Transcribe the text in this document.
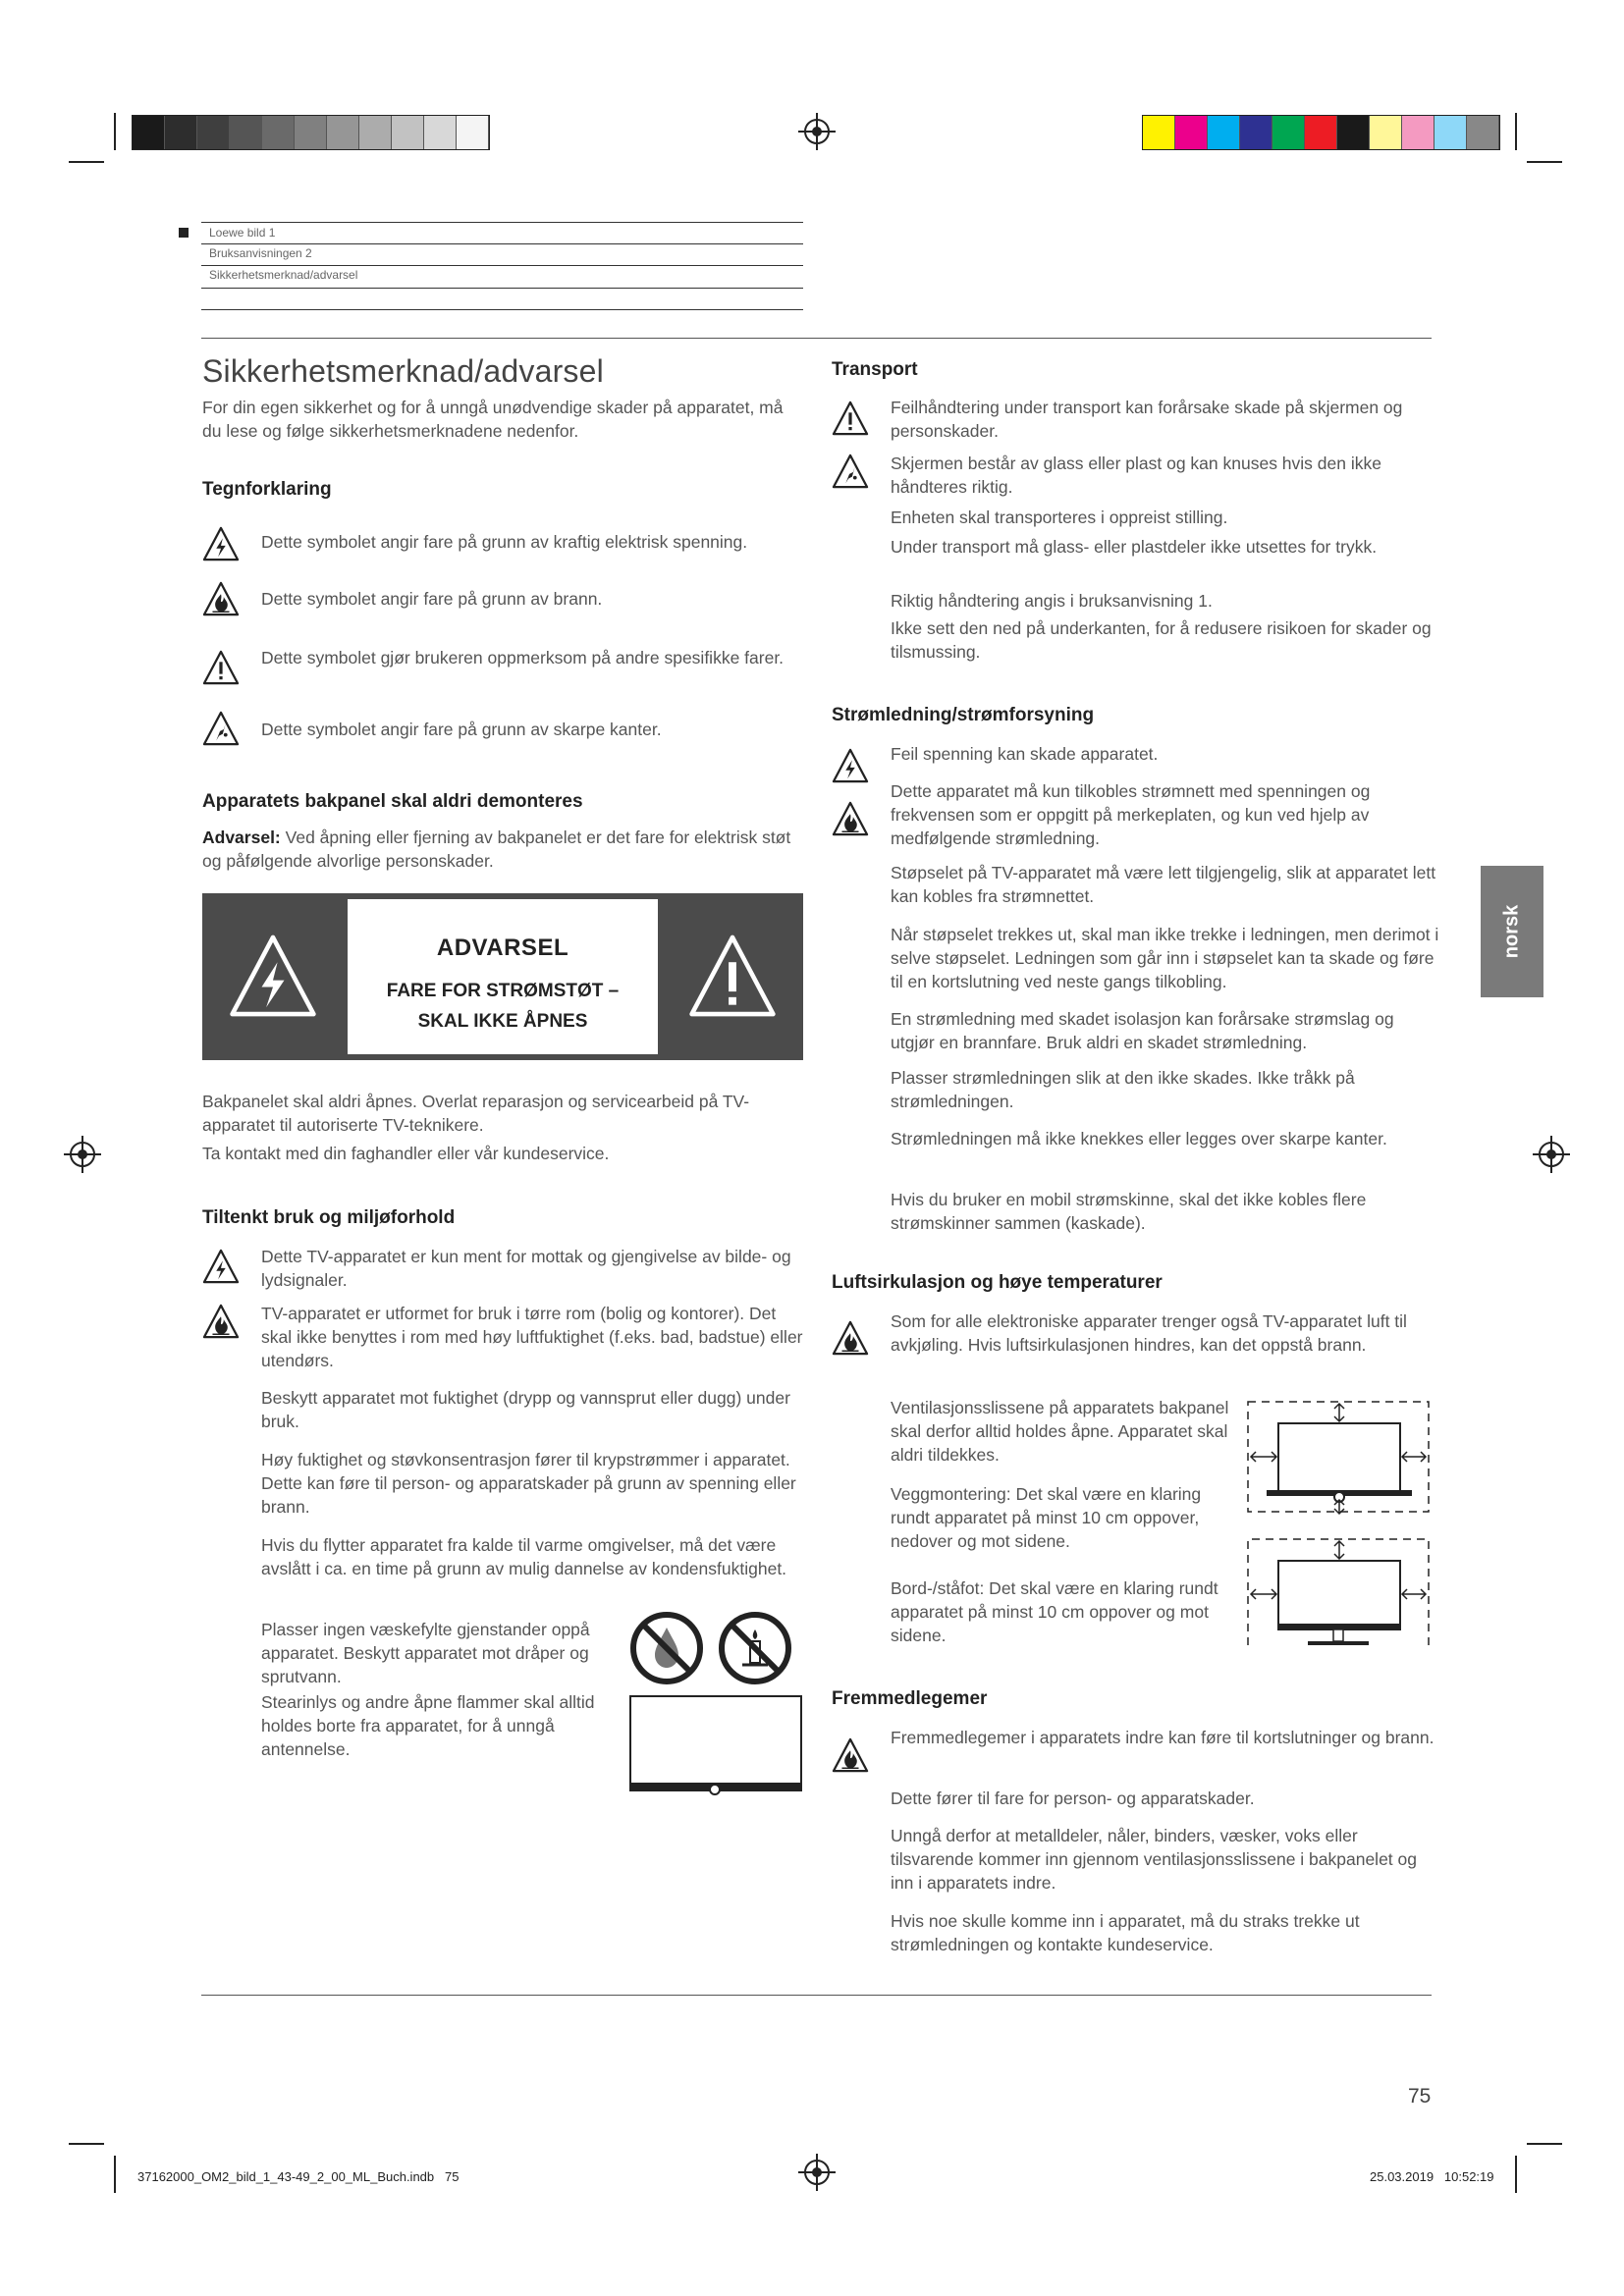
Loewe bild 1
Bruksanvisningen 2
Sikkerhetsmerknad/advarsel
Sikkerhetsmerknad/advarsel

For din egen sikkerhet og for å unngå unødvendige skader på apparatet, må du lese og følge sikkerhetsmerknadene nedenfor.

Tegnforklaring
Dette symbolet angir fare på grunn av kraftig elektrisk spenning.
Dette symbolet angir fare på grunn av brann.
Dette symbolet gjør brukeren oppmerksom på andre spesifikke farer.
Dette symbolet angir fare på grunn av skarpe kanter.
Apparatets bakpanel skal aldri demonteres
Advarsel: Ved åpning eller fjerning av bakpanelet er det fare for elektrisk støt og påfølgende alvorlige personskader.
ADVARSEL
FARE FOR STRØMSTØT –
SKAL IKKE ÅPNES
Bakpanelet skal aldri åpnes. Overlat reparasjon og servicearbeid på TV-apparatet til autoriserte TV-teknikere.
Ta kontakt med din faghandler eller vår kundeservice.
Tiltenkt bruk og miljøforhold
Dette TV-apparatet er kun ment for mottak og gjengivelse av bilde- og lydsignaler.
TV-apparatet er utformet for bruk i tørre rom (bolig og kontorer). Det skal ikke benyttes i rom med høy luftfuktighet (f.eks. bad, badstue) eller utendørs.
Beskytt apparatet mot fuktighet (drypp og vannsprut eller dugg) under bruk.
Høy fuktighet og støvkonsentrasjon fører til krypstrømmer i apparatet. Dette kan føre til person- og apparatskader på grunn av spenning eller brann.
Hvis du flytter apparatet fra kalde til varme omgivelser, må det være avslått i ca. en time på grunn av mulig dannelse av kondensfuktighet.
Plasser ingen væskefylte gjenstander oppå apparatet. Beskytt apparatet mot dråper og sprutvann.
Stearinlys og andre åpne flammer skal alltid holdes borte fra apparatet, for å unngå antennelse.
Transport
Feilhåndtering under transport kan forårsake skade på skjermen og personskader.
Skjermen består av glass eller plast og kan knuses hvis den ikke håndteres riktig.
Enheten skal transporteres i oppreist stilling.
Under transport må glass- eller plastdeler ikke utsettes for trykk.
Riktig håndtering angis i bruksanvisning 1.
Ikke sett den ned på underkanten, for å redusere risikoen for skader og tilsmussing.
Strømledning/strømforsyning
Feil spenning kan skade apparatet.
Dette apparatet må kun tilkobles strømnett med spenningen og frekvensen som er oppgitt på merkeplaten, og kun ved hjelp av medfølgende strømledning.
Støpselet på TV-apparatet må være lett tilgjengelig, slik at apparatet lett kan kobles fra strømnettet.
Når støpselet trekkes ut, skal man ikke trekke i ledningen, men derimot i selve støpselet. Ledningen som går inn i støpselet kan ta skade og føre til en kortslutning ved neste gangs tilkobling.
En strømledning med skadet isolasjon kan forårsake strømslag og utgjør en brannfare. Bruk aldri en skadet strømledning.
Plasser strømledningen slik at den ikke skades. Ikke tråkk på strømledningen.
Strømledningen må ikke knekkes eller legges over skarpe kanter.
Hvis du bruker en mobil strømskinne, skal det ikke kobles flere strømskinner sammen (kaskade).
Luftsirkulasjon og høye temperaturer
Som for alle elektroniske apparater trenger også TV-apparatet luft til avkjøling. Hvis luftsirkulasjonen hindres, kan det oppstå brann.
Ventilasjonsslissene på apparatets bakpanel skal derfor alltid holdes åpne. Apparatet skal aldri tildekkes.
Veggmontering: Det skal være en klaring rundt apparatet på minst 10 cm oppover, nedover og mot sidene.
Bord-/ståfot: Det skal være en klaring rundt apparatet på minst 10 cm oppover og mot sidene.
Fremmedlegemer
Fremmedlegemer i apparatets indre kan føre til kortslutninger og brann.
Dette fører til fare for person- og apparatskader.
Unngå derfor at metalldeler, nåler, binders, væsker, voks eller tilsvarende kommer inn gjennom ventilasjonsslissene i bakpanelet og inn i apparatets indre.
Hvis noe skulle komme inn i apparatet, må du straks trekke ut strømledningen og kontakte kundeservice.
norsk
75
37162000_OM2_bild_1_43-49_2_00_ML_Buch.indb   75	25.03.2019   10:52:19
